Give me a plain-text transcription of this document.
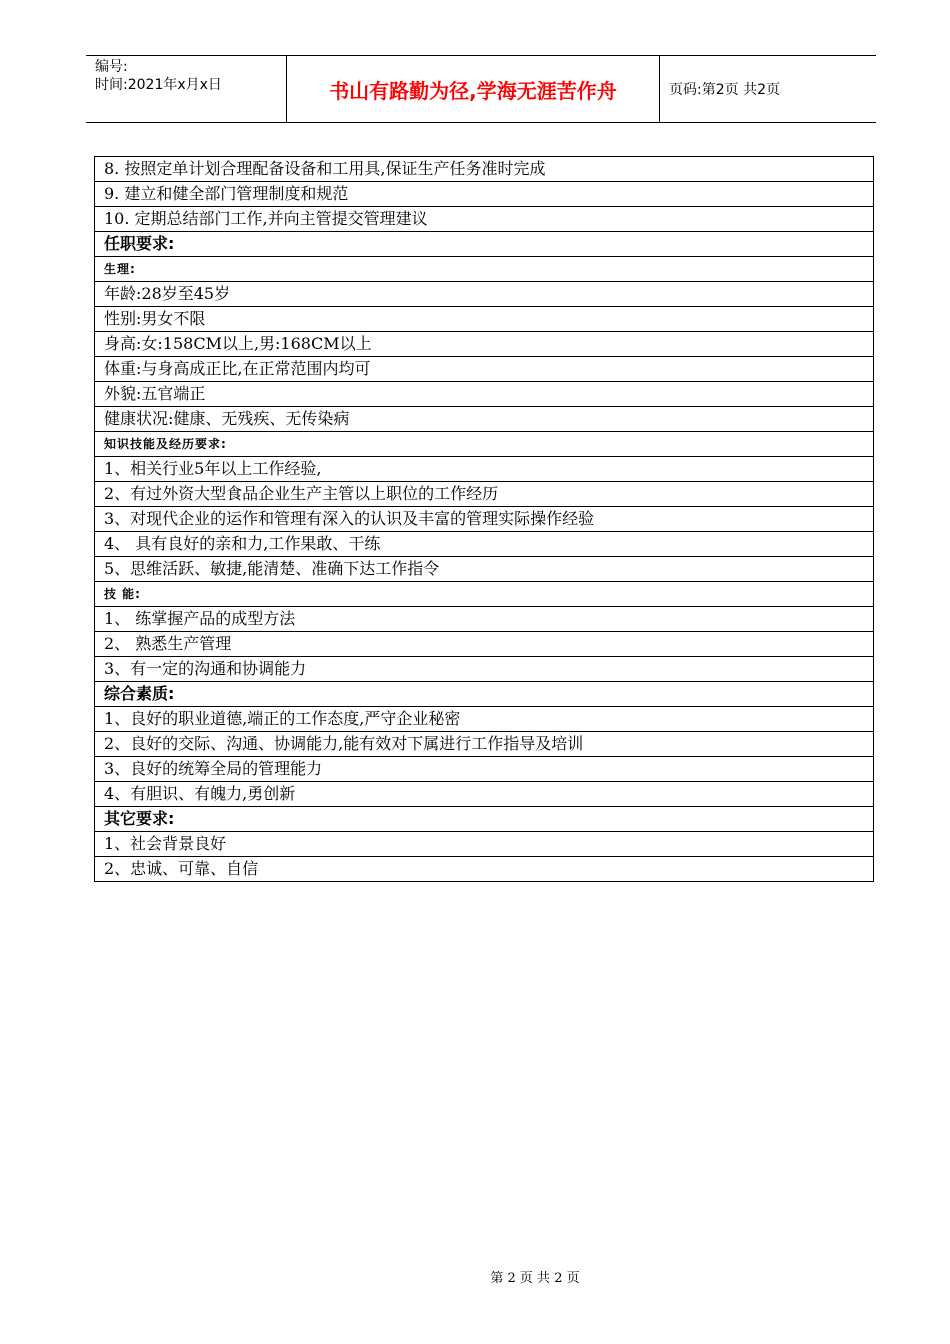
编号:
时间:2021年x月x日	书山有路勤为径,学海无涯苦作舟	页码:第2页 共2页
8. 按照定单计划合理配备设备和工用具,保证生产任务准时完成
9. 建立和健全部门管理制度和规范
10. 定期总结部门工作,并向主管提交管理建议
任职要求:
生理:
年龄:28岁至45岁
性别:男女不限
身高:女:158CM以上,男:168CM以上
体重:与身高成正比,在正常范围内均可
外貌:五官端正
健康状况:健康、无残疾、无传染病
知识技能及经历要求:
1、相关行业5年以上工作经验,
2、有过外资大型食品企业生产主管以上职位的工作经历
3、对现代企业的运作和管理有深入的认识及丰富的管理实际操作经验
4、 具有良好的亲和力,工作果敢、干练
5、思维活跃、敏捷,能清楚、准确下达工作指令
技 能:
1、 练掌握产品的成型方法
2、 熟悉生产管理
3、有一定的沟通和协调能力
综合素质:
1、良好的职业道德,端正的工作态度,严守企业秘密
2、良好的交际、沟通、协调能力,能有效对下属进行工作指导及培训
3、良好的统筹全局的管理能力
4、有胆识、有魄力,勇创新
其它要求:
1、社会背景良好
2、忠诚、可靠、自信
第 2 页 共 2 页
